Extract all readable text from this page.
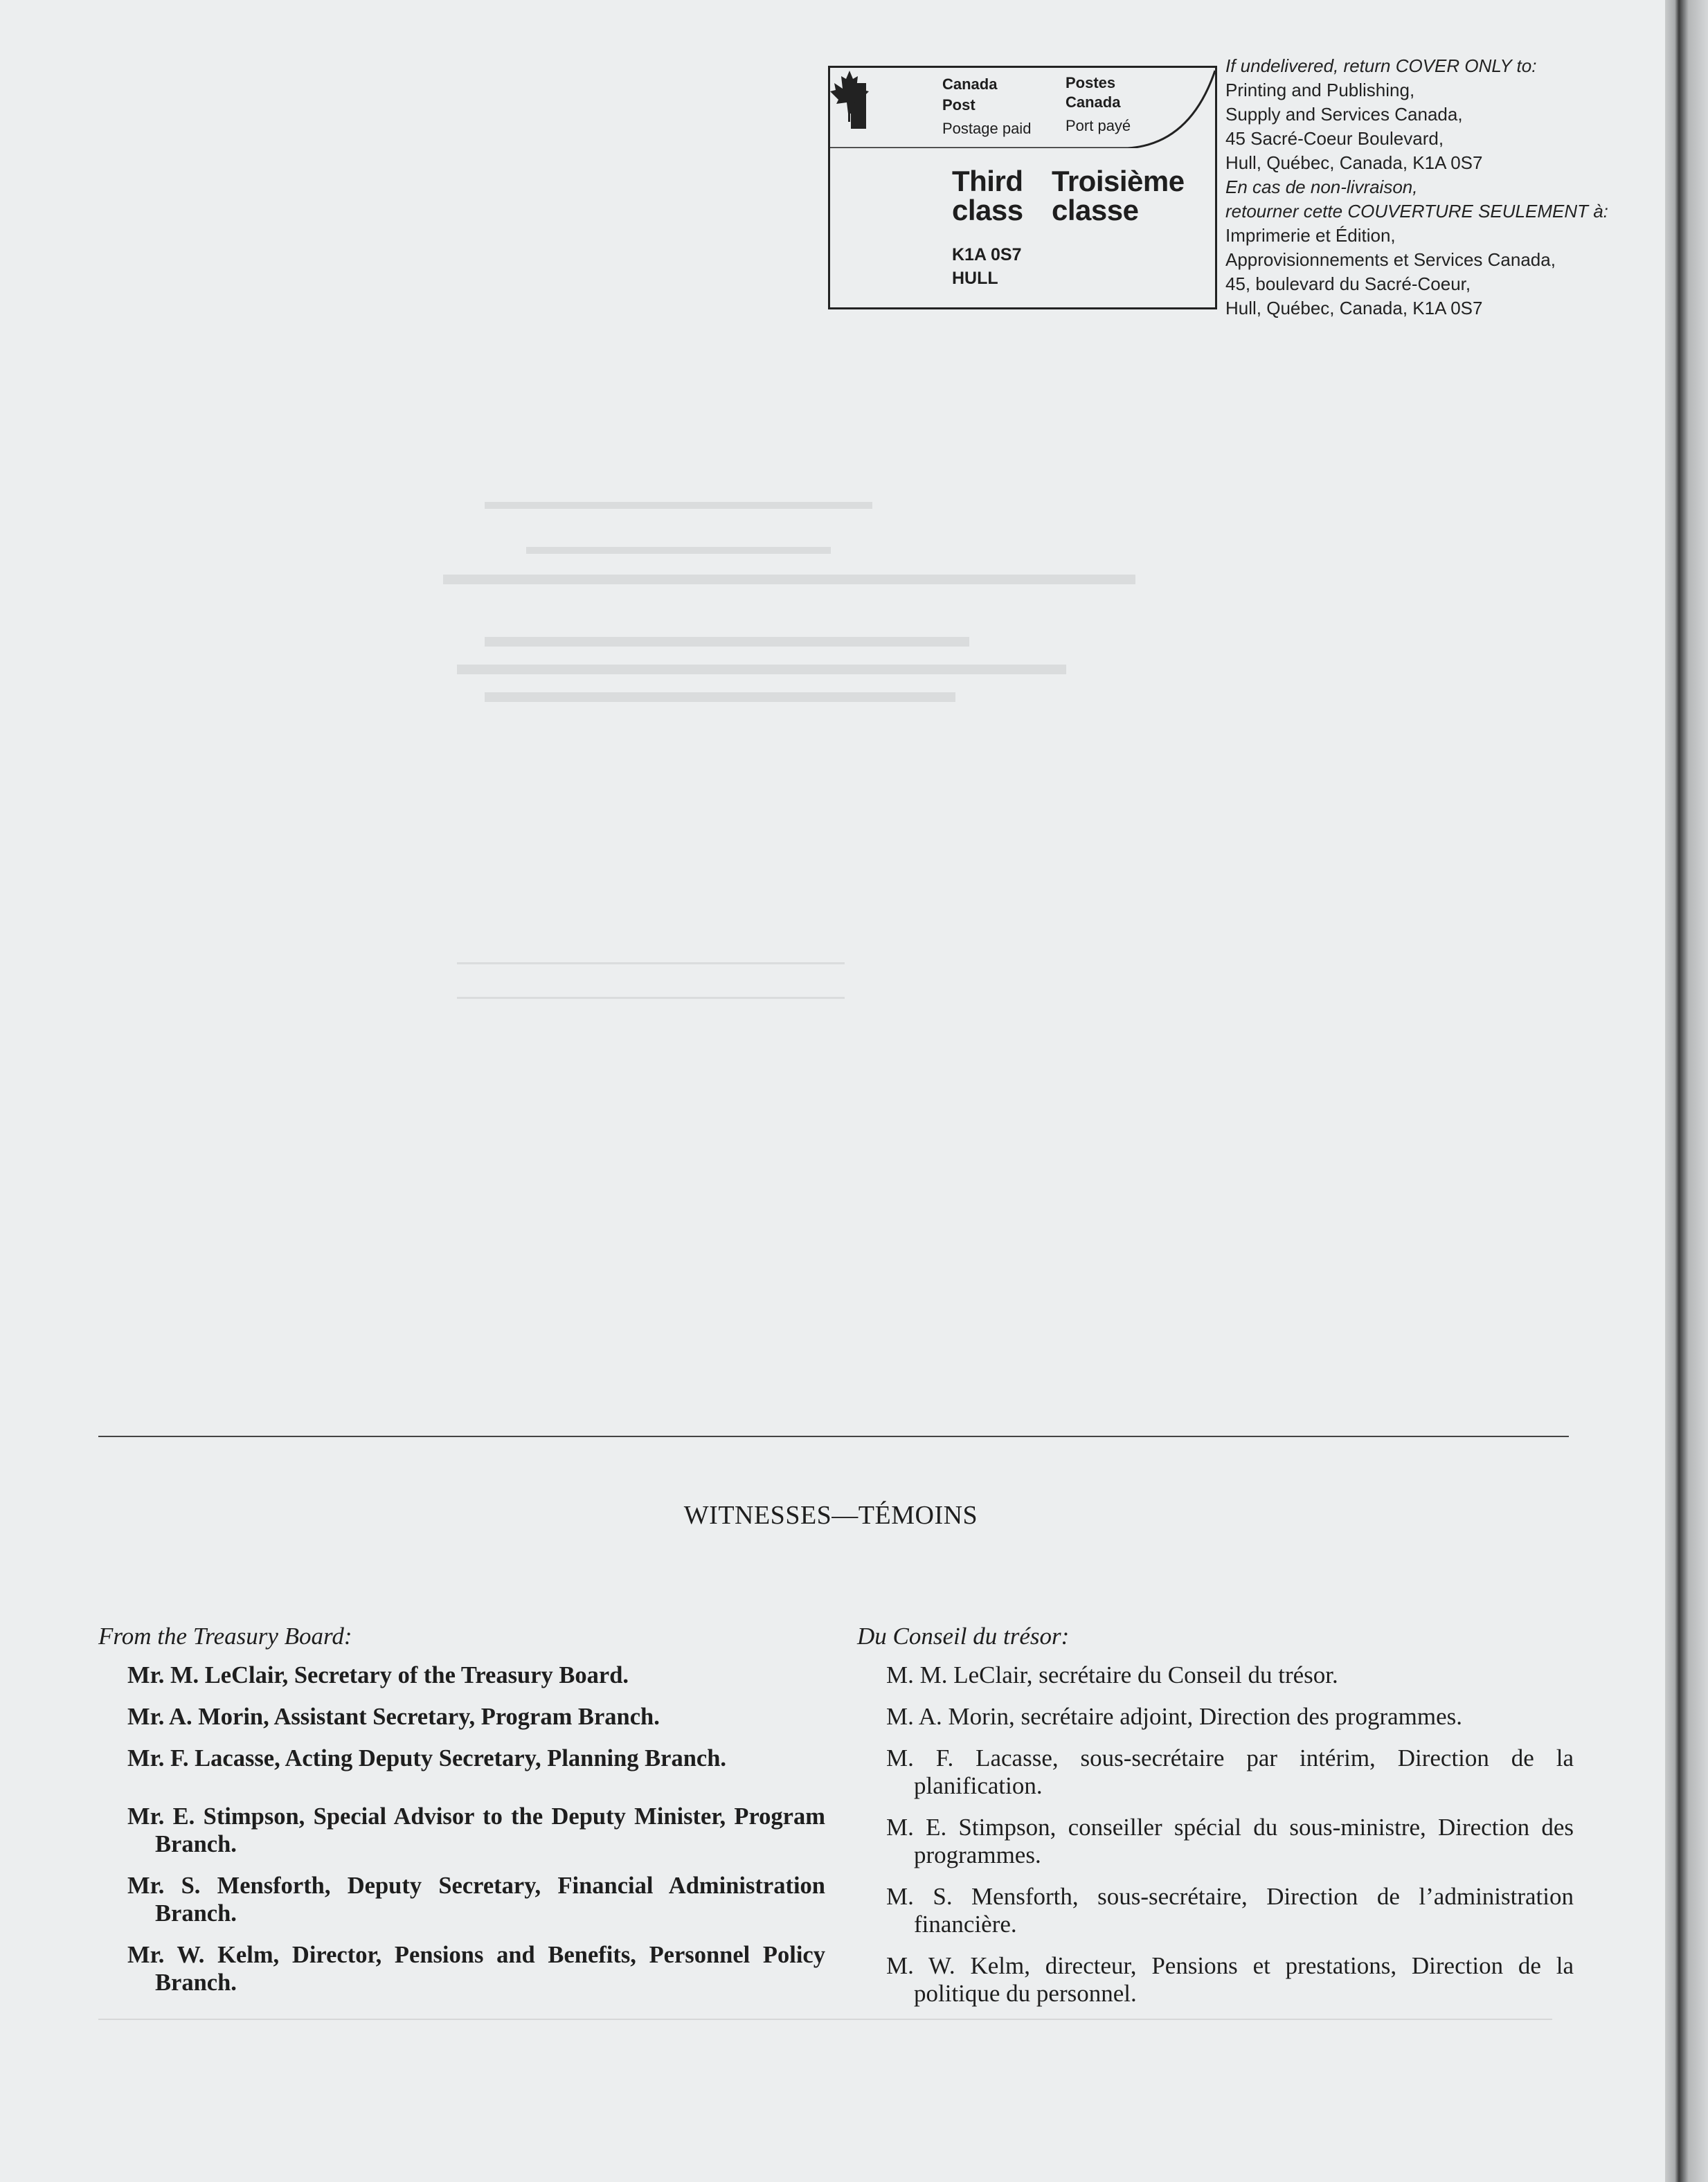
Canada
Post
Postage paid
Postes
Canada
Port payé
Third
class
Troisième
classe
K1A 0S7
HULL
If undelivered, return COVER ONLY to:
Printing and Publishing,
Supply and Services Canada,
45 Sacré-Coeur Boulevard,
Hull, Québec, Canada, K1A 0S7
En cas de non-livraison,
retourner cette COUVERTURE SEULEMENT à:
Imprimerie et Édition,
Approvisionnements et Services Canada,
45, boulevard du Sacré-Coeur,
Hull, Québec, Canada, K1A 0S7
WITNESSES—TÉMOINS
From the Treasury Board:
Mr. M. LeClair, Secretary of the Treasury Board.
Mr. A. Morin, Assistant Secretary, Program Branch.
Mr. F. Lacasse, Acting Deputy Secretary, Planning Branch.
Mr. E. Stimpson, Special Advisor to the Deputy Minister, Program Branch.
Mr. S. Mensforth, Deputy Secretary, Financial Administration Branch.
Mr. W. Kelm, Director, Pensions and Benefits, Personnel Policy Branch.
Du Conseil du trésor:
M. M. LeClair, secrétaire du Conseil du trésor.
M. A. Morin, secrétaire adjoint, Direction des programmes.
M. F. Lacasse, sous-secrétaire par intérim, Direction de la planification.
M. E. Stimpson, conseiller spécial du sous-ministre, Direction des programmes.
M. S. Mensforth, sous-secrétaire, Direction de l’administration financière.
M. W. Kelm, directeur, Pensions et prestations, Direction de la politique du personnel.
